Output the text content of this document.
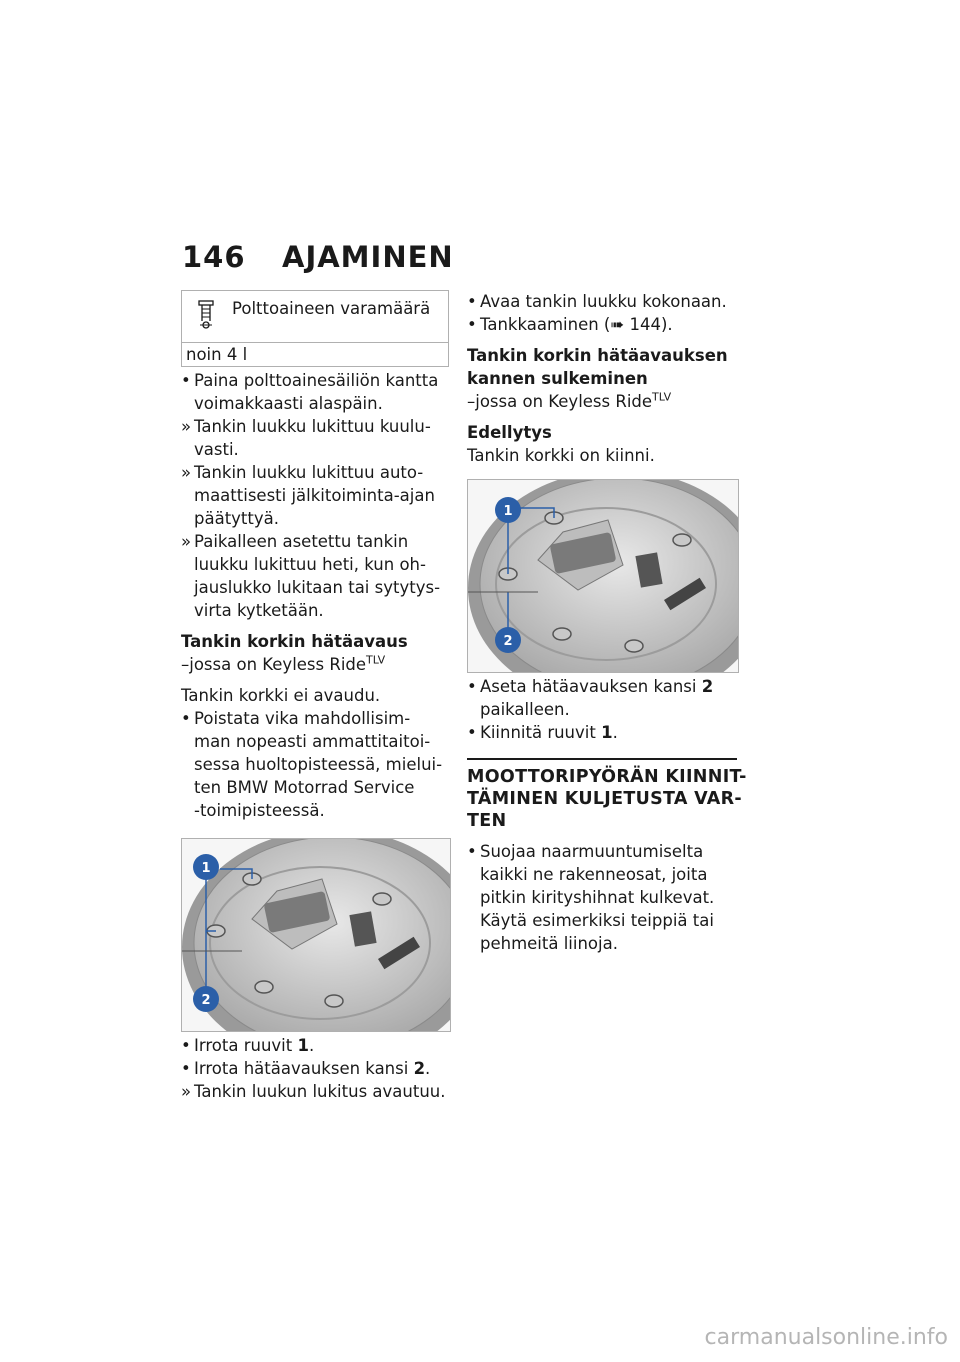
146 AJAMINEN
Polttoaineen varamäärä
noin 4 l
• Paina polttoainesäiliön kantta
voimakkaasti alaspäin.
» Tankin luukku lukittuu kuulu-
vasti.
» Tankin luukku lukittuu auto-
maattisesti jälkitoiminta-ajan
päätyttyä.
» Paikalleen asetettu tankin
luukku lukittuu heti, kun oh-
jauslukko lukitaan tai sytytys-
virta kytketään.
Tankin korkin hätäavaus
–jossa on Keyless Ride$^{TLV}$
Tankin korkki ei avaudu.
• Poistata vika mahdollisim-
man nopeasti ammattitaitoi-
sessa huoltopisteessä, mielui-
ten BMW Motorrad Service
-toimipisteessä.
1
2
• Irrota ruuvit 1.
• Irrota hätäavauksen kansi 2.
» Tankin luukun lukitus avautuu.
• Avaa tankin luukku kokonaan.
• Tankkaaminen (➠ 144).
Tankin korkin hätäavauksen
kannen sulkeminen
–jossa on Keyless Ride$^{TLV}$
Edellytys
Tankin korkki on kiinni.
1
2
• Aseta hätäavauksen kansi 2
paikalleen.
• Kiinnitä ruuvit 1.
MOOTTORIPYÖRÄN KIINNIT-
TÄMINEN KULJETUSTA VAR-
TEN
• Suojaa naarmuuntumiselta
kaikki ne rakenneosat, joita
pitkin kirityshihnat kulkevat.
Käytä esimerkiksi teippiä tai
pehmeitä liinoja.
carmanualsonline.info
